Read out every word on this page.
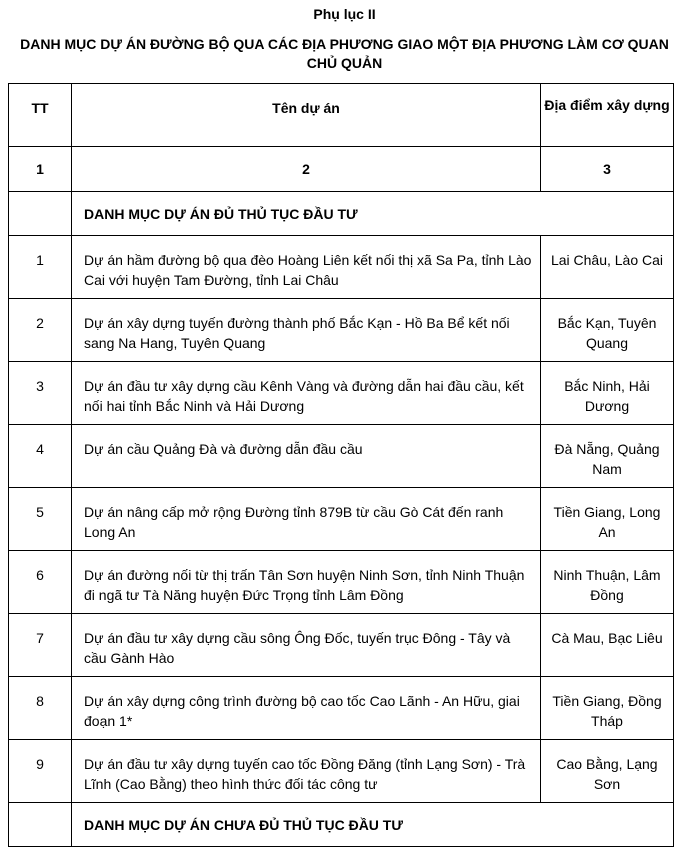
Phụ lục II
DANH MỤC DỰ ÁN ĐƯỜNG BỘ QUA CÁC ĐỊA PHƯƠNG GIAO MỘT ĐỊA PHƯƠNG LÀM CƠ QUAN CHỦ QUẢN
TT	Tên dự án	Địa điểm xây dựng
1	2	3
	DANH MỤC DỰ ÁN ĐỦ THỦ TỤC ĐẦU TƯ	
1	Dự án hầm đường bộ qua đèo Hoàng Liên kết nối thị xã Sa Pa, tỉnh Lào Cai với huyện Tam Đường, tỉnh Lai Châu	Lai Châu, Lào Cai
2	Dự án xây dựng tuyến đường thành phố Bắc Kạn - Hồ Ba Bể kết nối sang Na Hang, Tuyên Quang	Bắc Kạn, Tuyên Quang
3	Dự án đầu tư xây dựng cầu Kênh Vàng và đường dẫn hai đầu cầu, kết nối hai tỉnh Bắc Ninh và Hải Dương	Bắc Ninh, Hải Dương
4	Dự án cầu Quảng Đà và đường dẫn đầu cầu	Đà Nẵng, Quảng Nam
5	Dự án nâng cấp mở rộng Đường tỉnh 879B từ cầu Gò Cát đến ranh Long An	Tiền Giang, Long An
6	Dự án đường nối từ thị trấn Tân Sơn huyện Ninh Sơn, tỉnh Ninh Thuận đi ngã tư Tà Năng huyện Đức Trọng tỉnh Lâm Đồng	Ninh Thuận, Lâm Đồng
7	Dự án đầu tư xây dựng cầu sông Ông Đốc, tuyến trục Đông - Tây và cầu Gành Hào	Cà Mau, Bạc Liêu
8	Dự án xây dựng công trình đường bộ cao tốc Cao Lãnh - An Hữu, giai đoạn 1*	Tiền Giang, Đồng Tháp
9	Dự án đầu tư xây dựng tuyến cao tốc Đồng Đăng (tỉnh Lạng Sơn) - Trà Lĩnh (Cao Bằng) theo hình thức đối tác công tư	Cao Bằng, Lạng Sơn
	DANH MỤC DỰ ÁN CHƯA ĐỦ THỦ TỤC ĐẦU TƯ	
